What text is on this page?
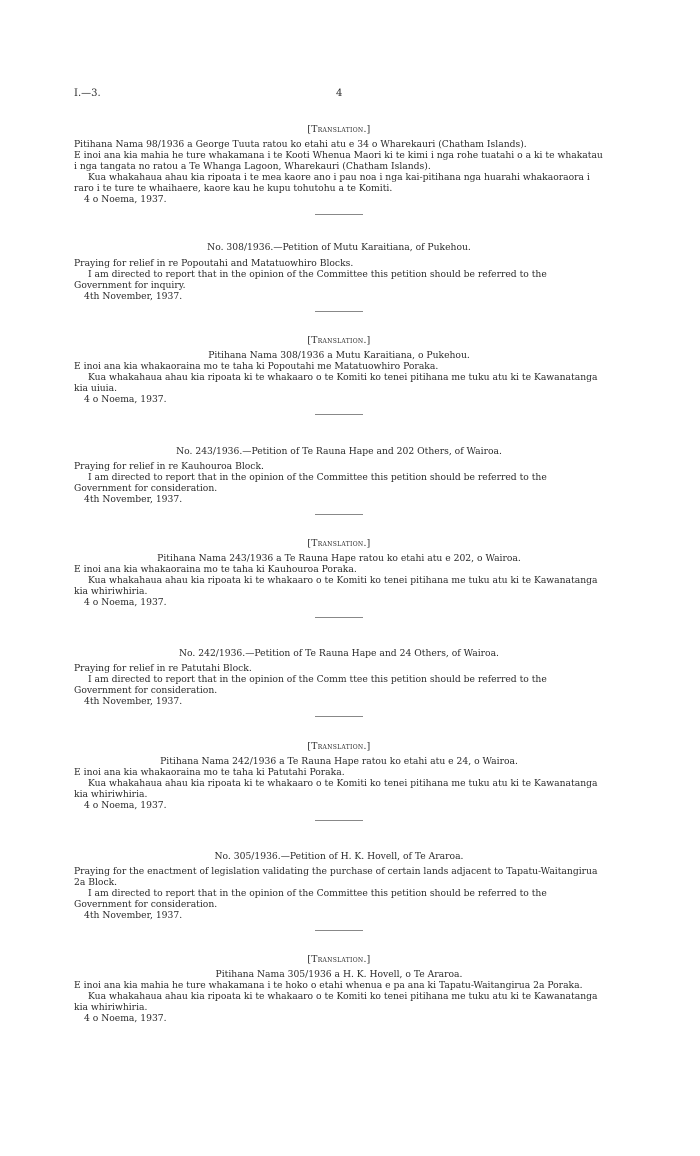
I.—3.	4

[Translation.]

Pitihana Nama 98/1936 a George Tuuta ratou ko etahi atu e 34 o Wharekauri (Chatham Islands).

E inoi ana kia mahia he ture whakamana i te Kooti Whenua Maori ki te kimi i nga rohe tuatahi o a ki te whakatau i nga tangata no ratou a Te Whanga Lagoon, Wharekauri (Chatham Islands).

Kua whakahaua ahau kia ripoata i te mea kaore ano i pau noa i nga kai-pitihana nga huarahi whakaoraora i raro i te ture te whaihaere, kaore kau he kupu tohutohu a te Komiti.

4 o Noema, 1937.

No. 308/1936.—Petition of Mutu Karaitiana, of Pukehou.

Praying for relief in re Popoutahi and Matatuowhiro Blocks.

I am directed to report that in the opinion of the Committee this petition should be referred to the Government for inquiry.

4th November, 1937.

[Translation.]

Pitihana Nama 308/1936 a Mutu Karaitiana, o Pukehou.

E inoi ana kia whakaoraina mo te taha ki Popoutahi me Matatuowhiro Poraka.

Kua whakahaua ahau kia ripoata ki te whakaaro o te Komiti ko tenei pitihana me tuku atu ki te Kawanatanga kia uiuia.

4 o Noema, 1937.

No. 243/1936.—Petition of Te Rauna Hape and 202 Others, of Wairoa.

Praying for relief in re Kauhouroa Block.

I am directed to report that in the opinion of the Committee this petition should be referred to the Government for consideration.

4th November, 1937.

[Translation.]

Pitihana Nama 243/1936 a Te Rauna Hape ratou ko etahi atu e 202, o Wairoa.

E inoi ana kia whakaoraina mo te taha ki Kauhouroa Poraka.

Kua whakahaua ahau kia ripoata ki te whakaaro o te Komiti ko tenei pitihana me tuku atu ki te Kawanatanga kia whiriwhiria.

4 o Noema, 1937.

No. 242/1936.—Petition of Te Rauna Hape and 24 Others, of Wairoa.

Praying for relief in re Patutahi Block.

I am directed to report that in the opinion of the Comm ttee this petition should be referred to the Government for consideration.

4th November, 1937.

[Translation.]

Pitihana Nama 242/1936 a Te Rauna Hape ratou ko etahi atu e 24, o Wairoa.

E inoi ana kia whakaoraina mo te taha ki Patutahi Poraka.

Kua whakahaua ahau kia ripoata ki te whakaaro o te Komiti ko tenei pitihana me tuku atu ki te Kawanatanga kia whiriwhiria.

4 o Noema, 1937.

No. 305/1936.—Petition of H. K. Hovell, of Te Araroa.

Praying for the enactment of legislation validating the purchase of certain lands adjacent to Tapatu-Waitangirua 2a Block.

I am directed to report that in the opinion of the Committee this petition should be referred to the Government for consideration.

4th November, 1937.

[Translation.]

Pitihana Nama 305/1936 a H. K. Hovell, o Te Araroa.

E inoi ana kia mahia he ture whakamana i te hoko o etahi whenua e pa ana ki Tapatu-Waitangirua 2a Poraka.

Kua whakahaua ahau kia ripoata ki te whakaaro o te Komiti ko tenei pitihana me tuku atu ki te Kawanatanga kia whiriwhiria.

4 o Noema, 1937.
